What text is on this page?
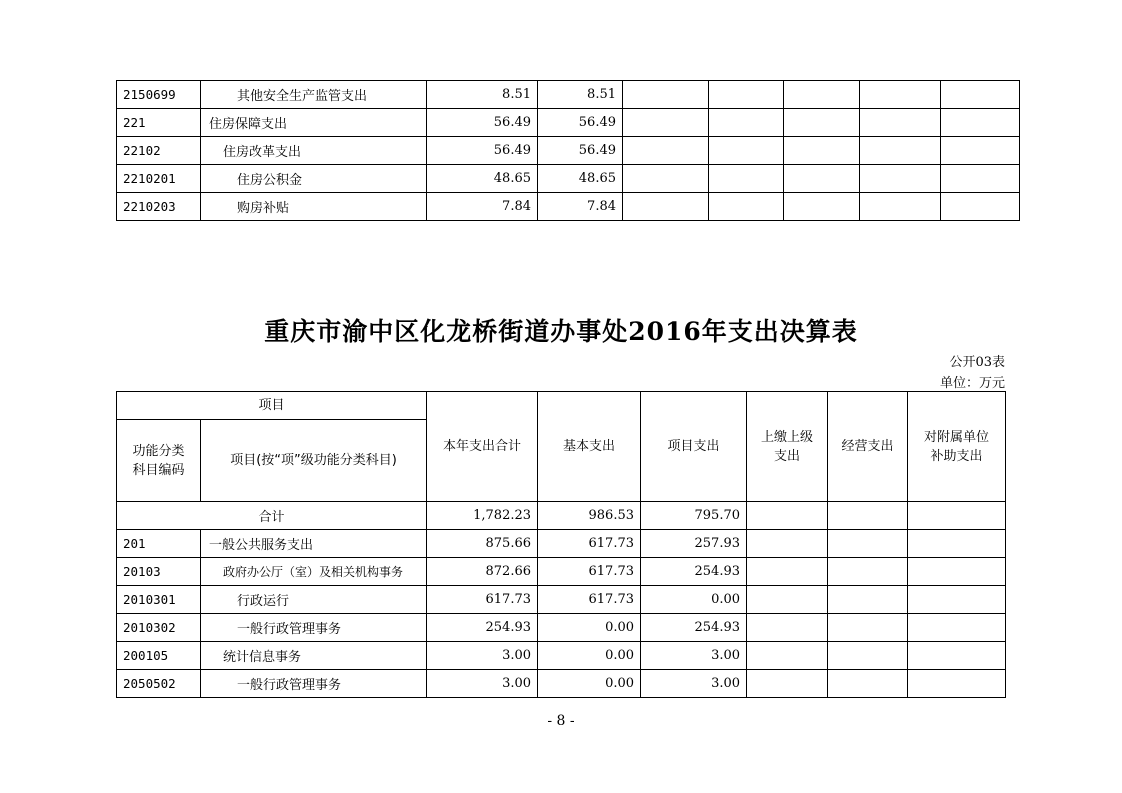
2150699	其他安全生产监管支出	8.51	8.51					
221	住房保障支出	56.49	56.49					
22102	住房改革支出	56.49	56.49					
2210201	住房公积金	48.65	48.65					
2210203	购房补贴	7.84	7.84					
重庆市渝中区化龙桥街道办事处2016年支出决算表
公开03表
单位：万元
项目		本年支出合计	基本支出	项目支出	上缴上级支出	经营支出	对附属单位补助支出
功能分类科目编码	项目(按“项”级功能分类科目)						
合计		1,782.23	986.53	795.70			
201	一般公共服务支出	875.66	617.73	257.93			
20103	政府办公厅（室）及相关机构事务	872.66	617.73	254.93			
2010301	行政运行	617.73	617.73	0.00			
2010302	一般行政管理事务	254.93	0.00	254.93			
200105	统计信息事务	3.00	0.00	3.00			
2050502	一般行政管理事务	3.00	0.00	3.00			
- 8 -
